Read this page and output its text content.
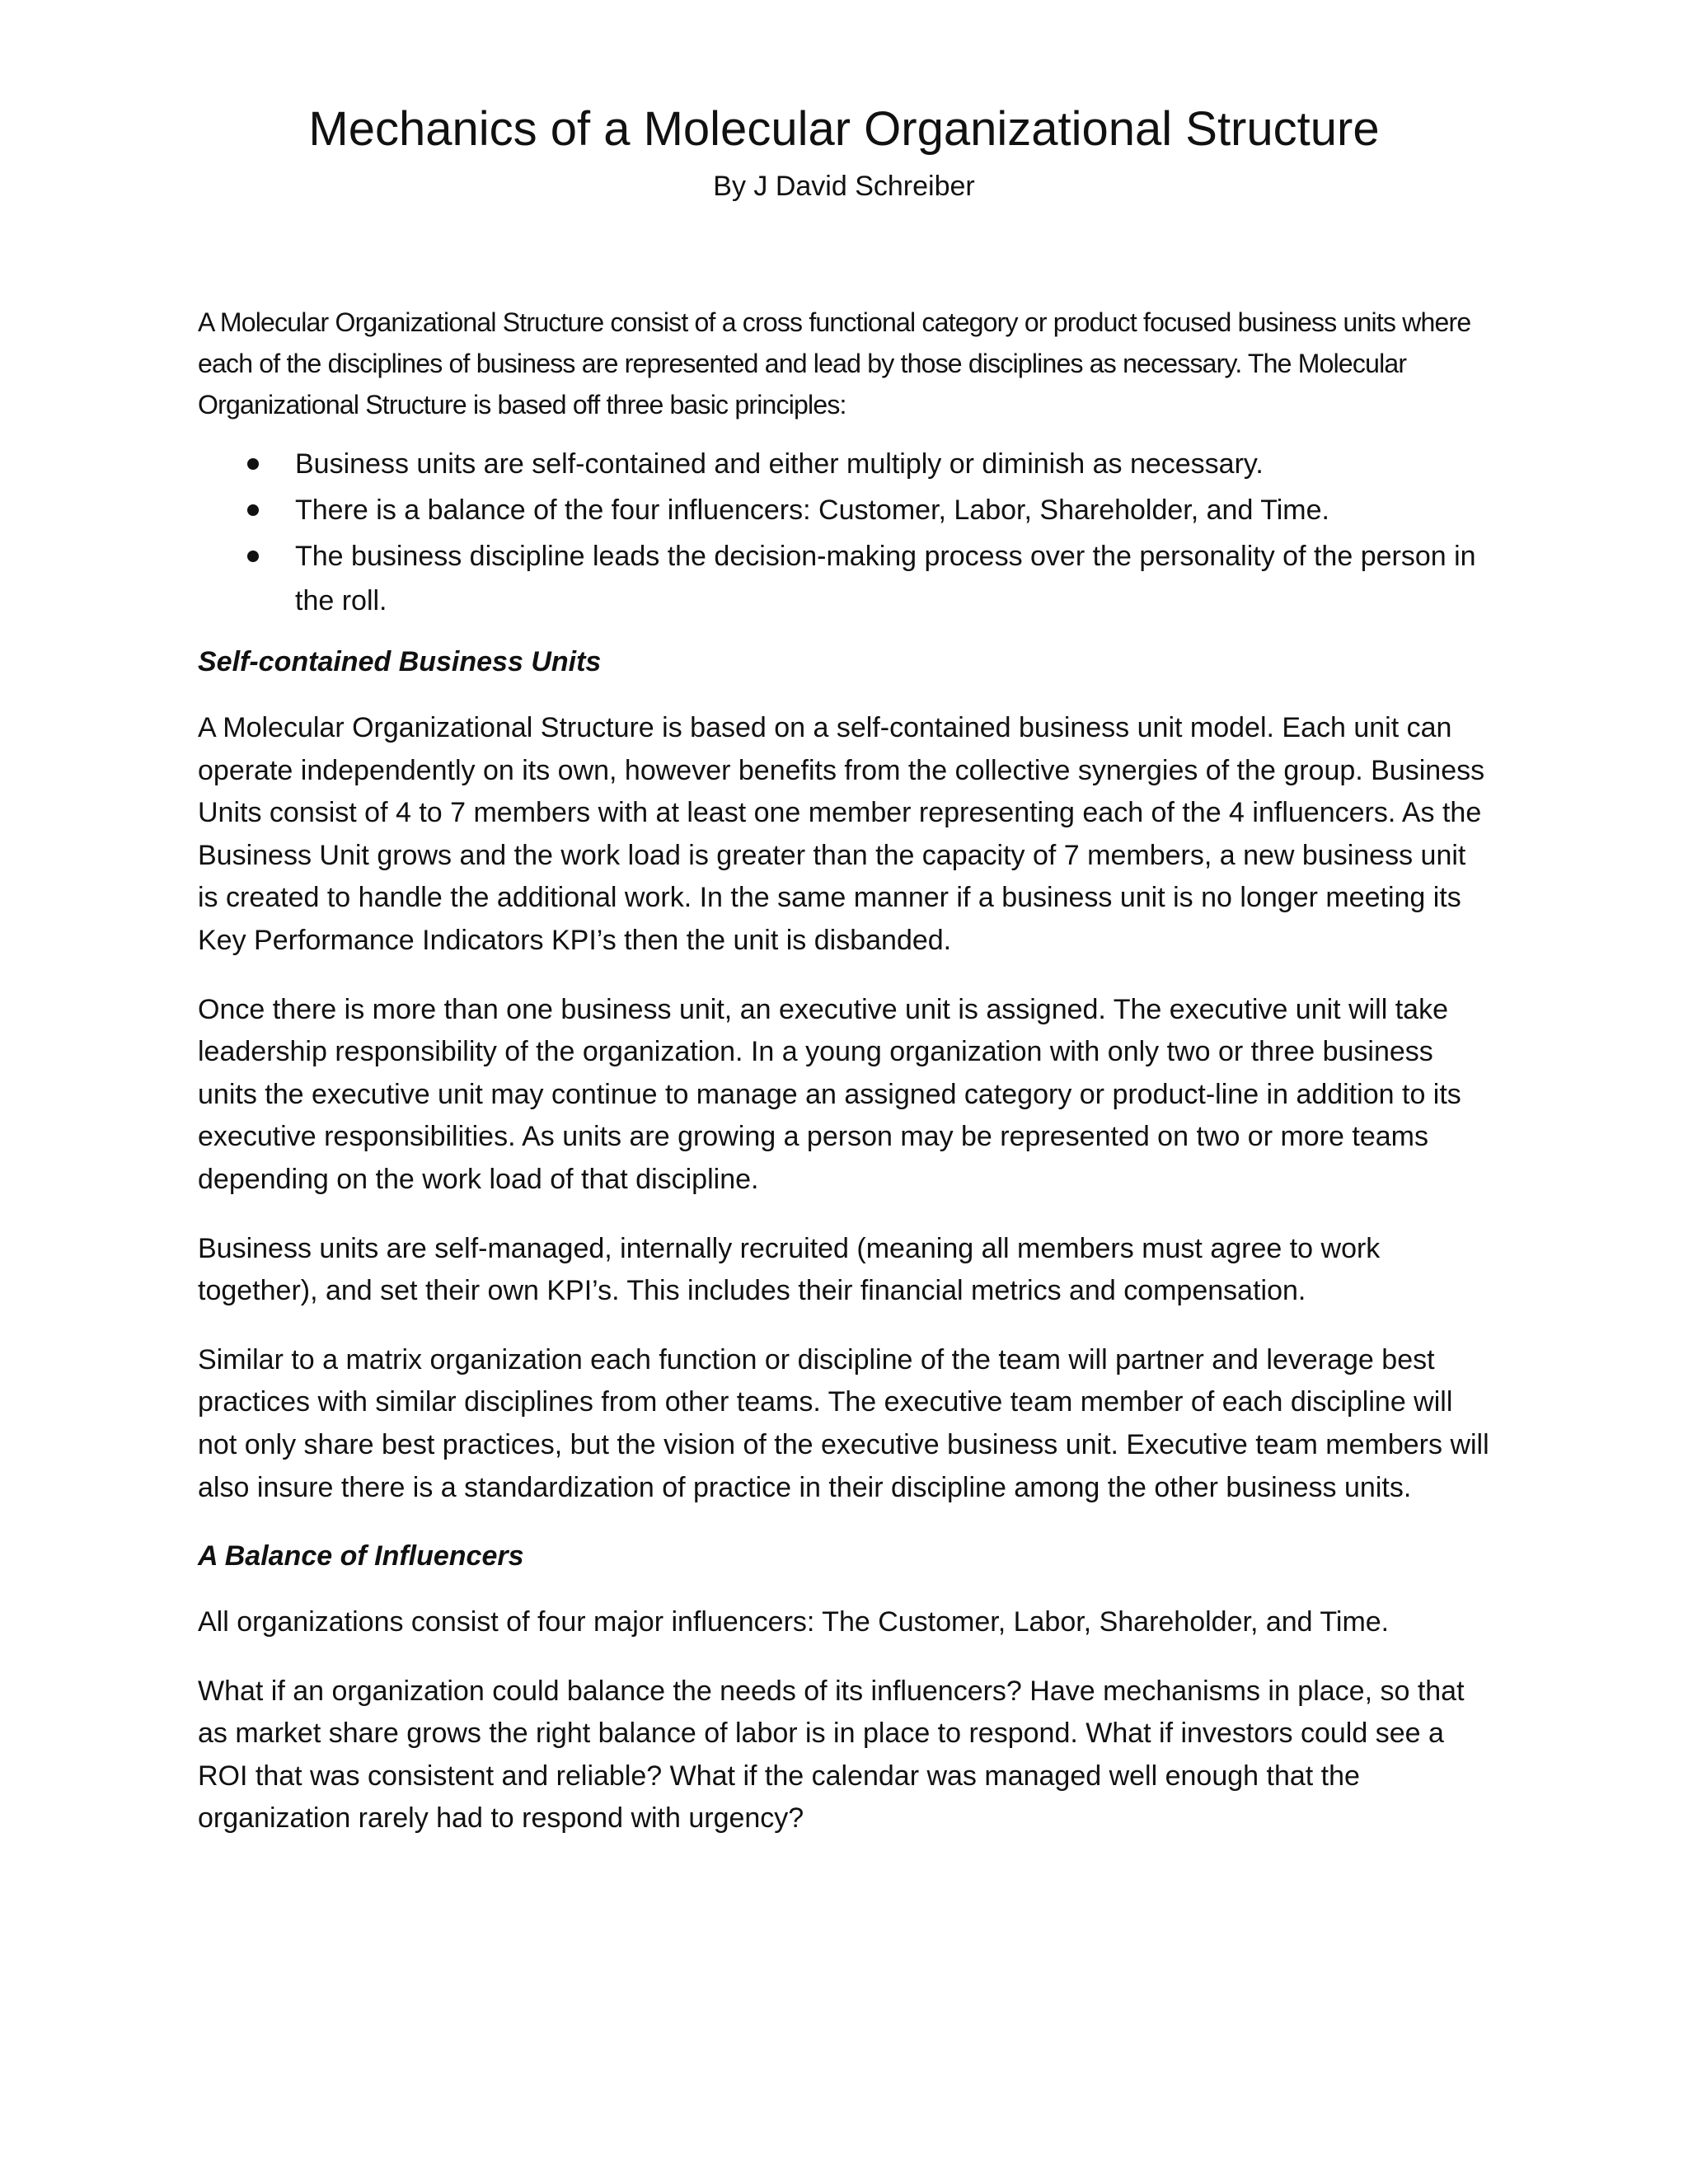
Mechanics of a Molecular Organizational Structure
By J David Schreiber

A Molecular Organizational Structure consist of a cross functional category or product focused business units where each of the disciplines of business are represented and lead by those disciplines as necessary. The Molecular Organizational Structure is based off three basic principles:

Business units are self-contained and either multiply or diminish as necessary.
There is a balance of the four influencers: Customer, Labor, Shareholder, and Time.
The business discipline leads the decision-making process over the personality of the person in the roll.
Self-contained Business Units

A Molecular Organizational Structure is based on a self-contained business unit model. Each unit can operate independently on its own, however benefits from the collective synergies of the group. Business Units consist of 4 to 7 members with at least one member representing each of the 4 influencers. As the Business Unit grows and the work load is greater than the capacity of 7 members, a new business unit is created to handle the additional work. In the same manner if a business unit is no longer meeting its Key Performance Indicators KPI’s then the unit is disbanded.

Once there is more than one business unit, an executive unit is assigned. The executive unit will take leadership responsibility of the organization. In a young organization with only two or three business units the executive unit may continue to manage an assigned category or product-line in addition to its executive responsibilities. As units are growing a person may be represented on two or more teams depending on the work load of that discipline.

Business units are self-managed, internally recruited (meaning all members must agree to work together), and set their own KPI’s. This includes their financial metrics and compensation.

Similar to a matrix organization each function or discipline of the team will partner and leverage best practices with similar disciplines from other teams. The executive team member of each discipline will not only share best practices, but the vision of the executive business unit. Executive team members will also insure there is a standardization of practice in their discipline among the other business units.

A Balance of Influencers

All organizations consist of four major influencers: The Customer, Labor, Shareholder, and Time.

What if an organization could balance the needs of its influencers? Have mechanisms in place, so that as market share grows the right balance of labor is in place to respond. What if investors could see a ROI that was consistent and reliable? What if the calendar was managed well enough that the organization rarely had to respond with urgency?
